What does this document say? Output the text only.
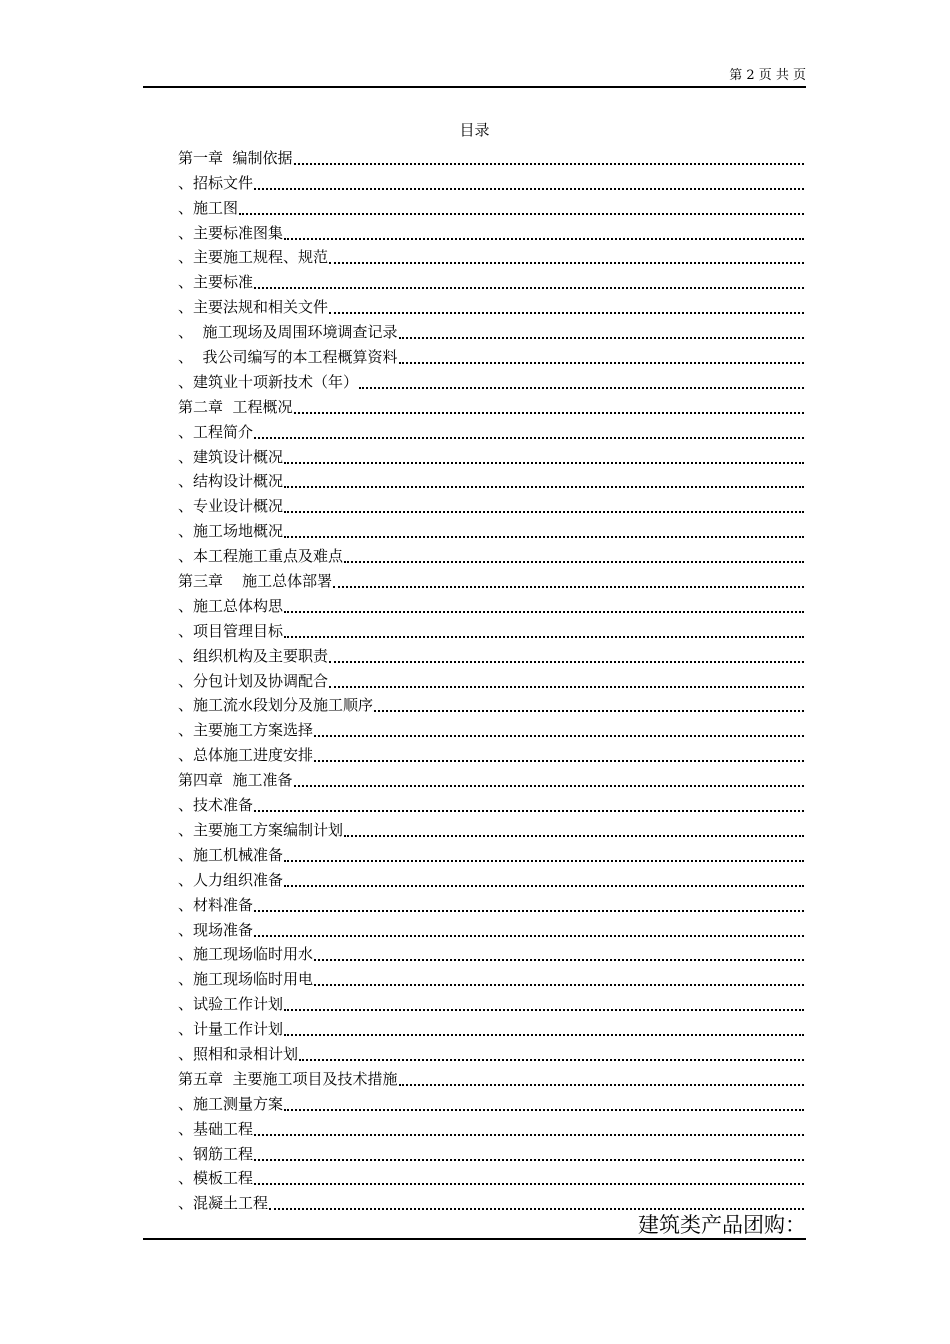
第 2 页 共 页
目录
第一章  编制依据
、招标文件
、施工图
、主要标准图集
、主要施工规程、规范
、主要标准
、主要法规和相关文件
、  施工现场及周围环境调查记录
、  我公司编写的本工程概算资料
、建筑业十项新技术（年）
第二章  工程概况
、工程简介
、建筑设计概况
、结构设计概况
、专业设计概况
、施工场地概况
、本工程施工重点及难点
第三章    施工总体部署
、施工总体构思
、项目管理目标
、组织机构及主要职责
、分包计划及协调配合
、施工流水段划分及施工顺序
、主要施工方案选择
、总体施工进度安排
第四章  施工准备
、技术准备
、主要施工方案编制计划
、施工机械准备
、人力组织准备
、材料准备
、现场准备
、施工现场临时用水
、施工现场临时用电
、试验工作计划
、计量工作计划
、照相和录相计划
第五章  主要施工项目及技术措施
、施工测量方案
、基础工程
、钢筋工程
、模板工程
、混凝土工程
建筑类产品团购：
